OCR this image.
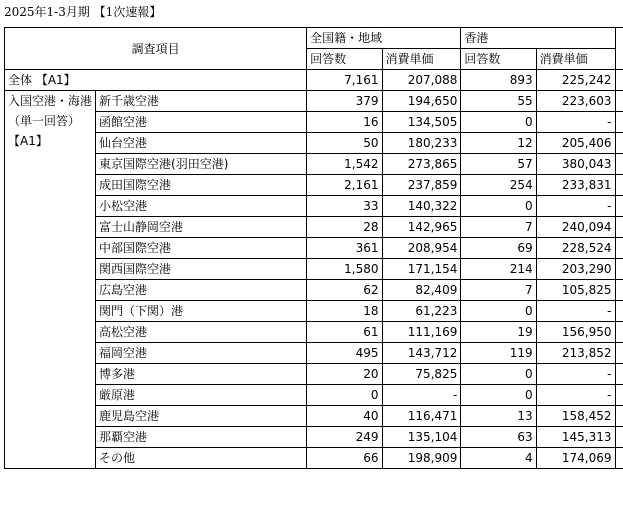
2025年1-3月期 【1次速報】
調査項目		全国籍・地域		香港		
		回答数	消費単価	回答数	消費単価	
全体 【A1】		7,161	207,088	893	225,242	

入国空港・海港
（単一回答）
【A1】	新千歳空港	379	194,650	55	223,603	
	函館空港	16	134,505	0	-	
	仙台空港	50	180,233	12	205,406	
	東京国際空港(羽田空港)	1,542	273,865	57	380,043	
	成田国際空港	2,161	237,859	254	233,831	
	小松空港	33	140,322	0	-	
	富士山静岡空港	28	142,965	7	240,094	
	中部国際空港	361	208,954	69	228,524	
	関西国際空港	1,580	171,154	214	203,290	
	広島空港	62	82,409	7	105,825	
	関門（下関）港	18	61,223	0	-	
	高松空港	61	111,169	19	156,950	
	福岡空港	495	143,712	119	213,852	
	博多港	20	75,825	0	-	
	厳原港	0	-	0	-	
	鹿児島空港	40	116,471	13	158,452	
	那覇空港	249	135,104	63	145,313	
	その他	66	198,909	4	174,069	
